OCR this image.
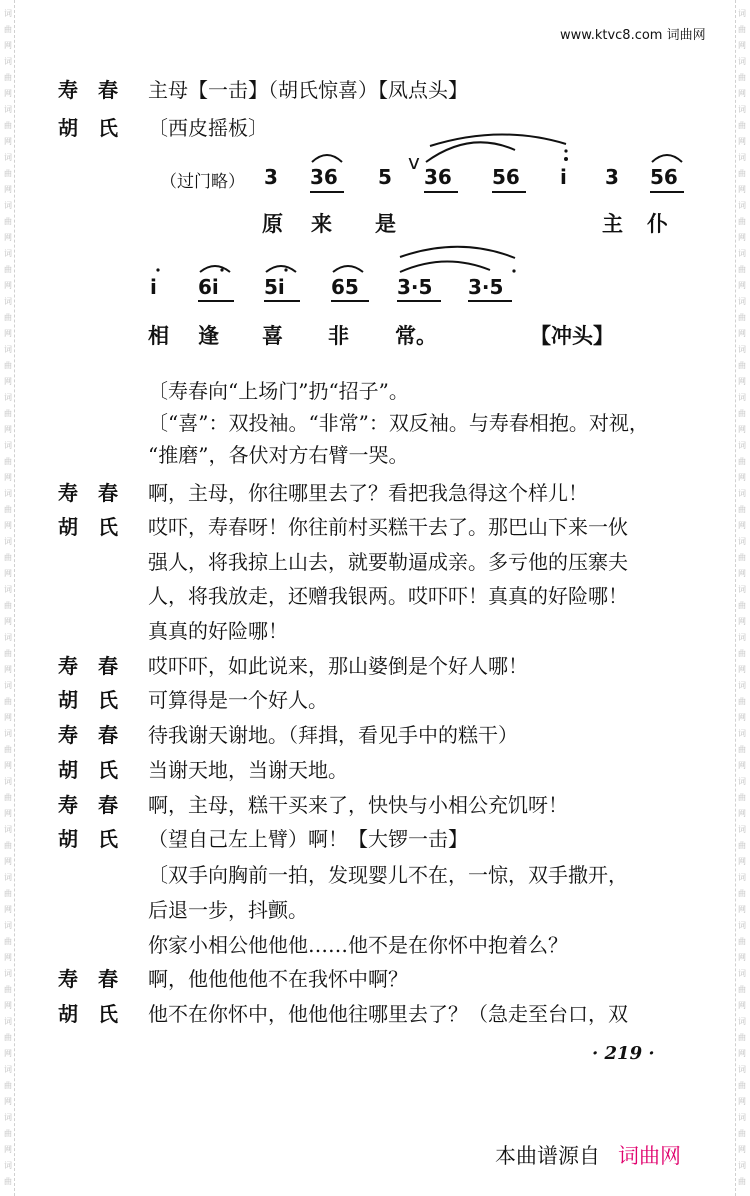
词
曲
网
词
曲
网
词
曲
网
词
曲
网
词
曲
网
词
曲
网
词
曲
网
词
曲
网
词
曲
网
词
曲
网
词
曲
网
词
曲
网
词
曲
网
词
曲
网
词
曲
网
词
曲
网
词
曲
网
词
曲
网
词
曲
网
词
曲
网
词
曲
网
词
曲
网
词
曲
网
词
曲
网
词
曲
词
曲
网
词
曲
网
词
曲
网
词
曲
网
词
曲
网
词
曲
网
词
曲
网
词
曲
网
词
曲
网
词
曲
网
词
曲
网
词
曲
网
词
曲
网
词
曲
网
词
曲
网
词
曲
网
词
曲
网
词
曲
网
词
曲
网
词
曲
网
词
曲
网
词
曲
网
词
曲
网
词
曲
网
词
曲
www.ktvc8.com 词曲网
寿春 主母【一击】（胡氏惊喜）【凤点头】
胡氏 〔西皮摇板〕
（过门略） 3 36 5 36 56 i 3 56
v
原 来 是	主 仆
i 6i 5i 65 3·5 3·5
相 逢 喜 非 常。	【冲头】
〔寿春向“上场门”扔“招子”。
〔“喜”：双投袖。“非常”：双反袖。与寿春相抱。对视，
“推磨”，各伏对方右臂一哭。
寿春 啊，主母，你往哪里去了？看把我急得这个样儿！
胡氏 哎吓，寿春呀！你往前村买糕干去了。那巴山下来一伙
强人，将我掠上山去，就要勒逼成亲。多亏他的压寨夫
人，将我放走，还赠我银两。哎吓吓！真真的好险哪！
真真的好险哪！
寿春 哎吓吓，如此说来，那山婆倒是个好人哪！
胡氏 可算得是一个好人。
寿春 待我谢天谢地。（拜揖，看见手中的糕干）
胡氏 当谢天地，当谢天地。
寿春 啊，主母，糕干买来了，快快与小相公充饥呀！
胡氏 （望自己左上臂）啊！【大锣一击】
〔双手向胸前一拍，发现婴儿不在，一惊，双手撒开，
后退一步，抖颤。
你家小相公他他他……他不是在你怀中抱着么？
寿春 啊，他他他他不在我怀中啊？
胡氏 他不在你怀中，他他他往哪里去了？（急走至台口，双
· 219 ·
本曲谱源自 词曲网
